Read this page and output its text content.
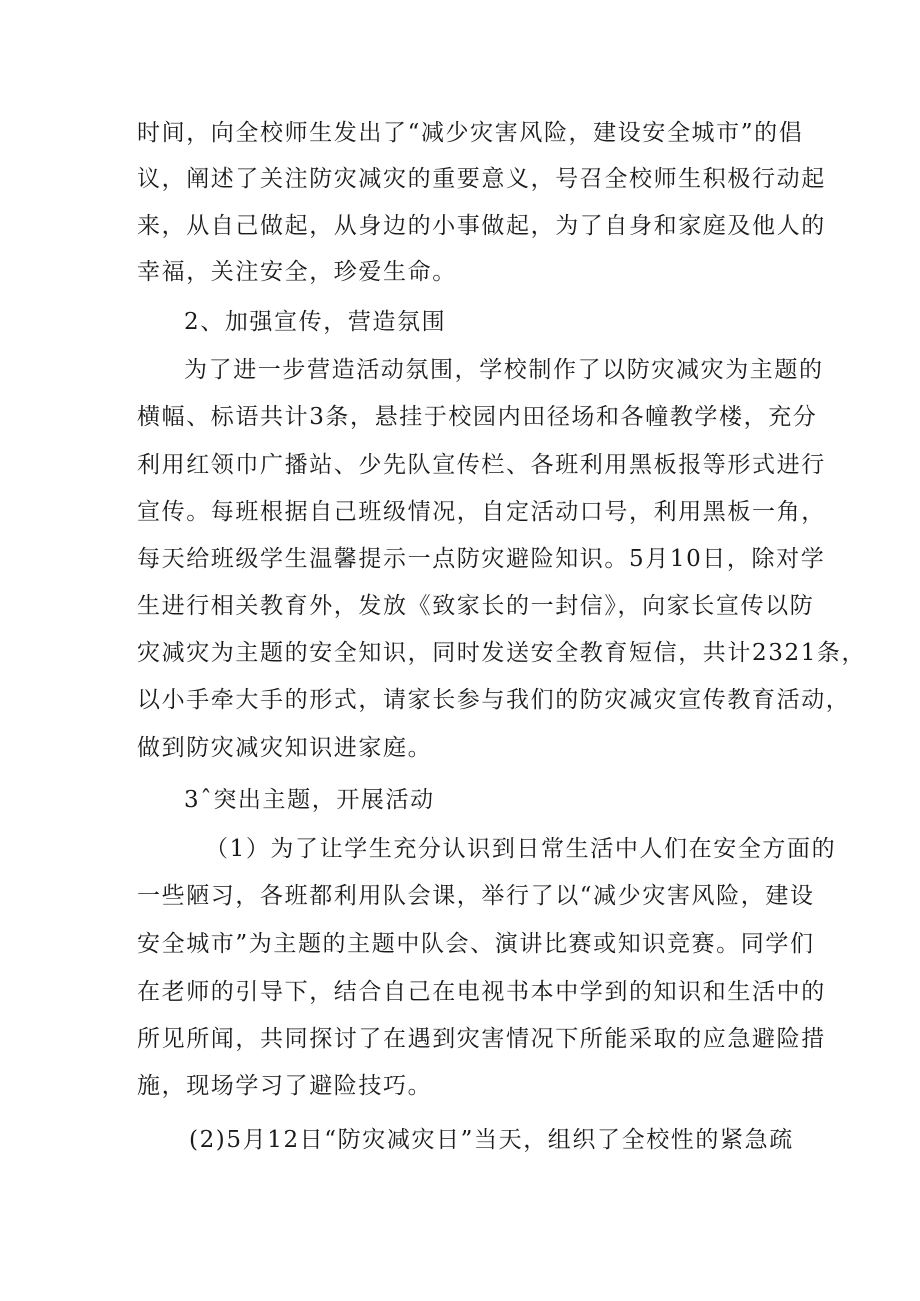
时间，向全校师生发出了“减少灾害风险，建设安全城市”的倡
议，阐述了关注防灾减灾的重要意义，号召全校师生积极行动起
来，从自己做起，从身边的小事做起，为了自身和家庭及他人的
幸福，关注安全，珍爱生命。
2、加强宣传，营造氛围
为了进一步营造活动氛围，学校制作了以防灾减灾为主题的
横幅、标语共计3条，悬挂于校园内田径场和各幢教学楼，充分
利用红领巾广播站、少先队宣传栏、各班利用黑板报等形式进行
宣传。每班根据自己班级情况，自定活动口号，利用黑板一角，
每天给班级学生温馨提示一点防灾避险知识。5月10日，除对学
生进行相关教育外，发放《致家长的一封信》，向家长宣传以防
灾减灾为主题的安全知识，同时发送安全教育短信，共计2321条，
以小手牵大手的形式，请家长参与我们的防灾减灾宣传教育活动，
做到防灾减灾知识进家庭。
3ˆ突出主题，开展活动
（1）为了让学生充分认识到日常生活中人们在安全方面的
一些陋习，各班都利用队会课，举行了以“减少灾害风险，建设
安全城市”为主题的主题中队会、演讲比赛或知识竞赛。同学们
在老师的引导下，结合自己在电视书本中学到的知识和生活中的
所见所闻，共同探讨了在遇到灾害情况下所能采取的应急避险措
施，现场学习了避险技巧。
(2)5月12日“防灾减灾日”当天，组织了全校性的紧急疏
